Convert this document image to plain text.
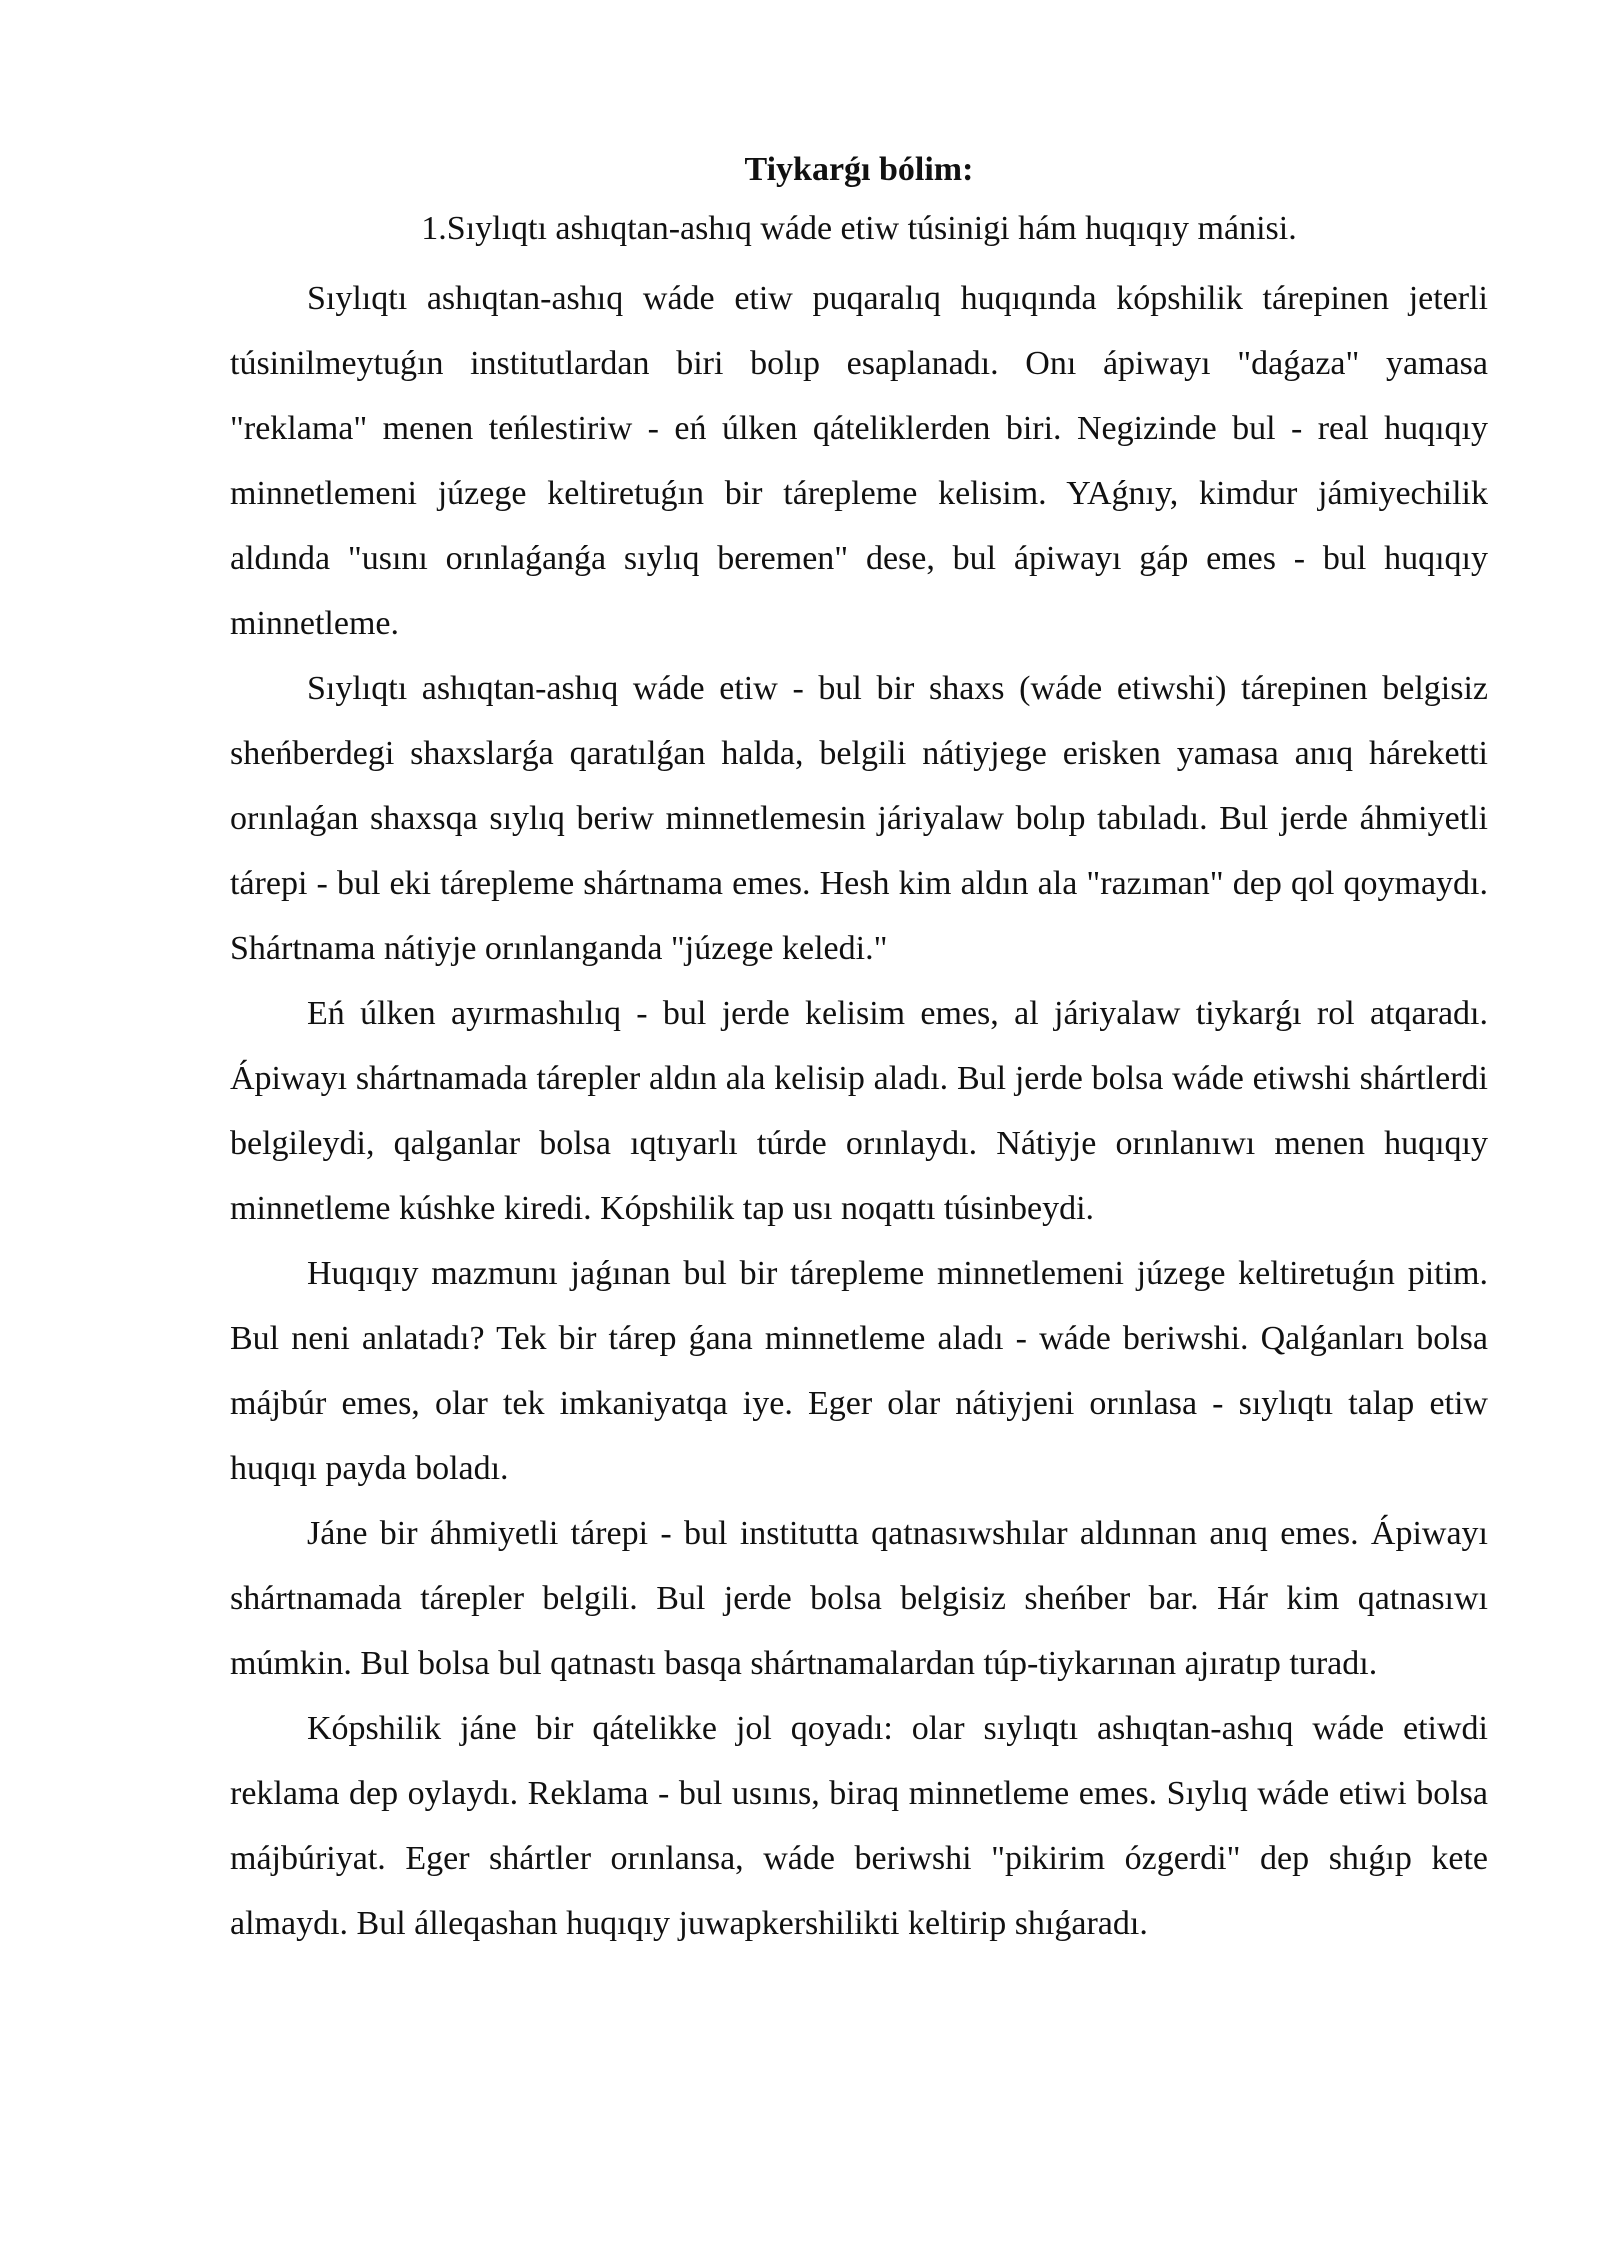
Tiykarǵı bólim:

1.Sıylıqtı ashıqtan-ashıq wáde etiw túsinigi hám huqıqıy mánisi.

Sıylıqtı ashıqtan-ashıq wáde etiw puqaralıq huqıqında kópshilik tárepinen jeterli túsinilmeytuǵın institutlardan biri bolıp esaplanadı. Onı ápiwayı "daǵaza" yamasa "reklama" menen teńlestiriw - eń úlken qáteliklerden biri. Negizinde bul - real huqıqıy minnetlemeni júzege keltiretuǵın bir tárepleme kelisim. YAǵnıy, kimdur jámiyechilik aldında "usını orınlaǵanǵa sıylıq beremen" dese, bul ápiwayı gáp emes - bul huqıqıy minnetleme.

Sıylıqtı ashıqtan-ashıq wáde etiw - bul bir shaxs (wáde etiwshi) tárepinen belgisiz sheńberdegi shaxslarǵa qaratılǵan halda, belgili nátiyjege erisken yamasa anıq háreketti orınlaǵan shaxsqa sıylıq beriw minnetlemesin járiyalaw bolıp tabıladı. Bul jerde áhmiyetli tárepi - bul eki tárepleme shártnama emes. Hesh kim aldın ala "razıman" dep qol qoymaydı. Shártnama nátiyje orınlanganda "júzege keledi."

Eń úlken ayırmashılıq - bul jerde kelisim emes, al járiyalaw tiykarǵı rol atqaradı. Ápiwayı shártnamada tárepler aldın ala kelisip aladı. Bul jerde bolsa wáde etiwshi shártlerdi belgileydi, qalganlar bolsa ıqtıyarlı túrde orınlaydı. Nátiyje orınlanıwı menen huqıqıy minnetleme kúshke kiredi. Kópshilik tap usı noqattı túsinbeydi.

Huqıqıy mazmunı jaǵınan bul bir tárepleme minnetlemeni júzege keltiretuǵın pitim. Bul neni anlatadı? Tek bir tárep ǵana minnetleme aladı - wáde beriwshi. Qalǵanları bolsa májbúr emes, olar tek imkaniyatqa iye. Eger olar nátiyjeni orınlasa - sıylıqtı talap etiw huqıqı payda boladı.

Jáne bir áhmiyetli tárepi - bul institutta qatnasıwshılar aldınnan anıq emes. Ápiwayı shártnamada tárepler belgili. Bul jerde bolsa belgisiz sheńber bar. Hár kim qatnasıwı múmkin. Bul bolsa bul qatnastı basqa shártnamalardan túp-tiykarınan ajıratıp turadı.

Kópshilik jáne bir qátelikke jol qoyadı: olar sıylıqtı ashıqtan-ashıq wáde etiwdi reklama dep oylaydı. Reklama - bul usınıs, biraq minnetleme emes. Sıylıq wáde etiwi bolsa májbúriyat. Eger shártler orınlansa, wáde beriwshi "pikirim ózgerdi" dep shıǵıp kete almaydı. Bul álleqashan huqıqıy juwapkershilikti keltirip shıǵaradı.
